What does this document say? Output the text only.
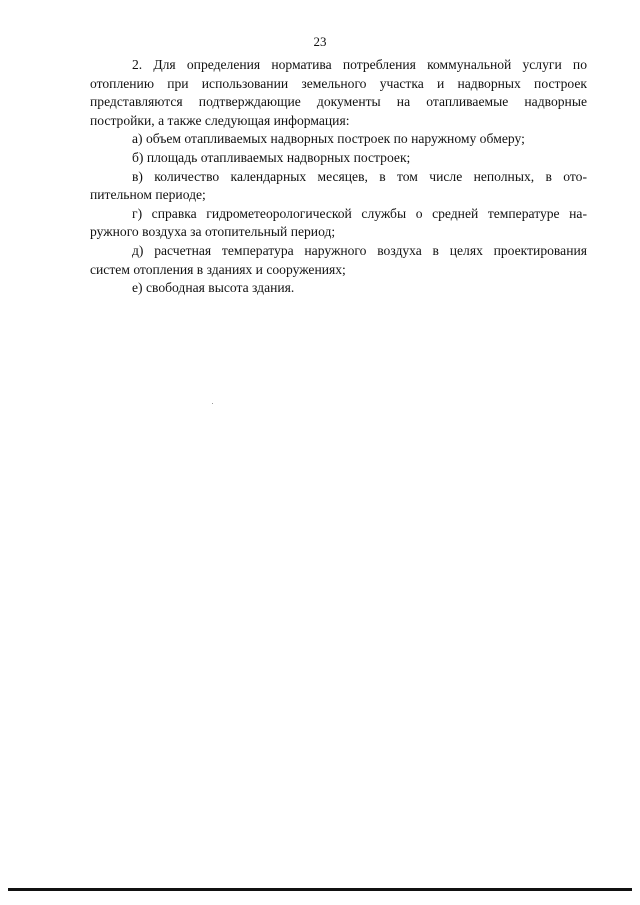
23
2. Для определения норматива потребления коммунальной услуги по
отоплению при использовании земельного участка и надворных построек
представляются подтверждающие документы на отапливаемые надворные
постройки, а также следующая информация:
а) объем отапливаемых надворных построек по наружному обмеру;
б) площадь отапливаемых надворных построек;
в) количество календарных месяцев, в том числе неполных, в ото-
пительном периоде;
г) справка гидрометеорологической службы о средней температуре на-
ружного воздуха за отопительный период;
д) расчетная температура наружного воздуха в целях проектирования
систем отопления в зданиях и сооружениях;
е) свободная высота здания.
